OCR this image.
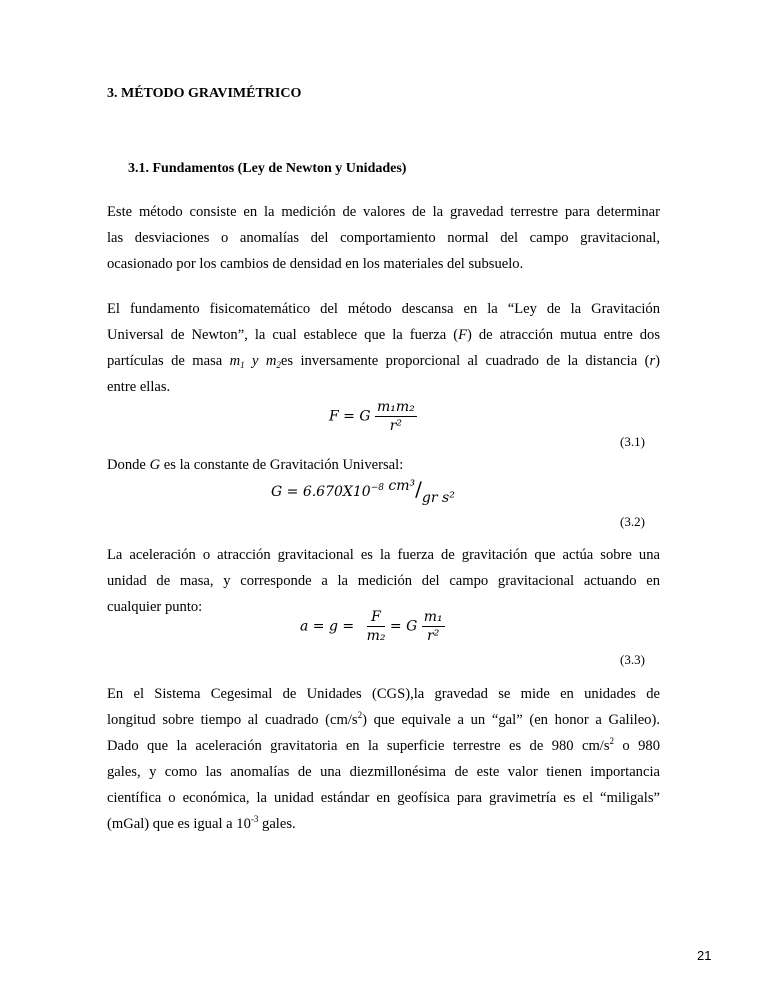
3. MÉTODO GRAVIMÉTRICO
3.1. Fundamentos (Ley de Newton y Unidades)
Este método consiste en la medición de valores de la gravedad terrestre para determinar
las desviaciones o anomalías del comportamiento normal del campo gravitacional,
ocasionado por los cambios de densidad en los materiales del subsuelo.
El fundamento fisicomatemático del método descansa en la “Ley de la Gravitación
Universal de Newton”, la cual establece que la fuerza (F) de atracción mutua entre dos
partículas de masa $m_1$ y $m_2es$ inversamente proporcional al cuadrado de la distancia (r)
entre ellas.
F = G $\frac{\text{m₁m₂}}{\text{r²}}$
(3.1)
Donde G es la constante de Gravitación Universal:
$G = 6.670X10^{-8}$ cm³/gr s²
(3.2)
La aceleración o atracción gravitacional es la fuerza de gravitación que actúa sobre una
unidad de masa, y corresponde a la medición del campo gravitacional actuando en
cualquier punto:
$a = g = \frac{F}{\text{m₂}} = G \frac{\text{m₁}}{\text{r²}}$
(3.3)
En el Sistema Cegesimal de Unidades (CGS),la gravedad se mide en unidades de
longitud sobre tiempo al cuadrado $(cm/s^2)$ que equivale a un “gal” (en honor a Galileo).
Dado que la aceleración gravitatoria en la superficie terrestre es de 980 $cm/s^2$ o 980
gales, y como las anomalías de una diezmillonésima de este valor tienen importancia
científica o económica, la unidad estándar en geofísica para gravimetría es el “miligals”
(mGal) que es igual a $10^{-3}$ gales.
21
